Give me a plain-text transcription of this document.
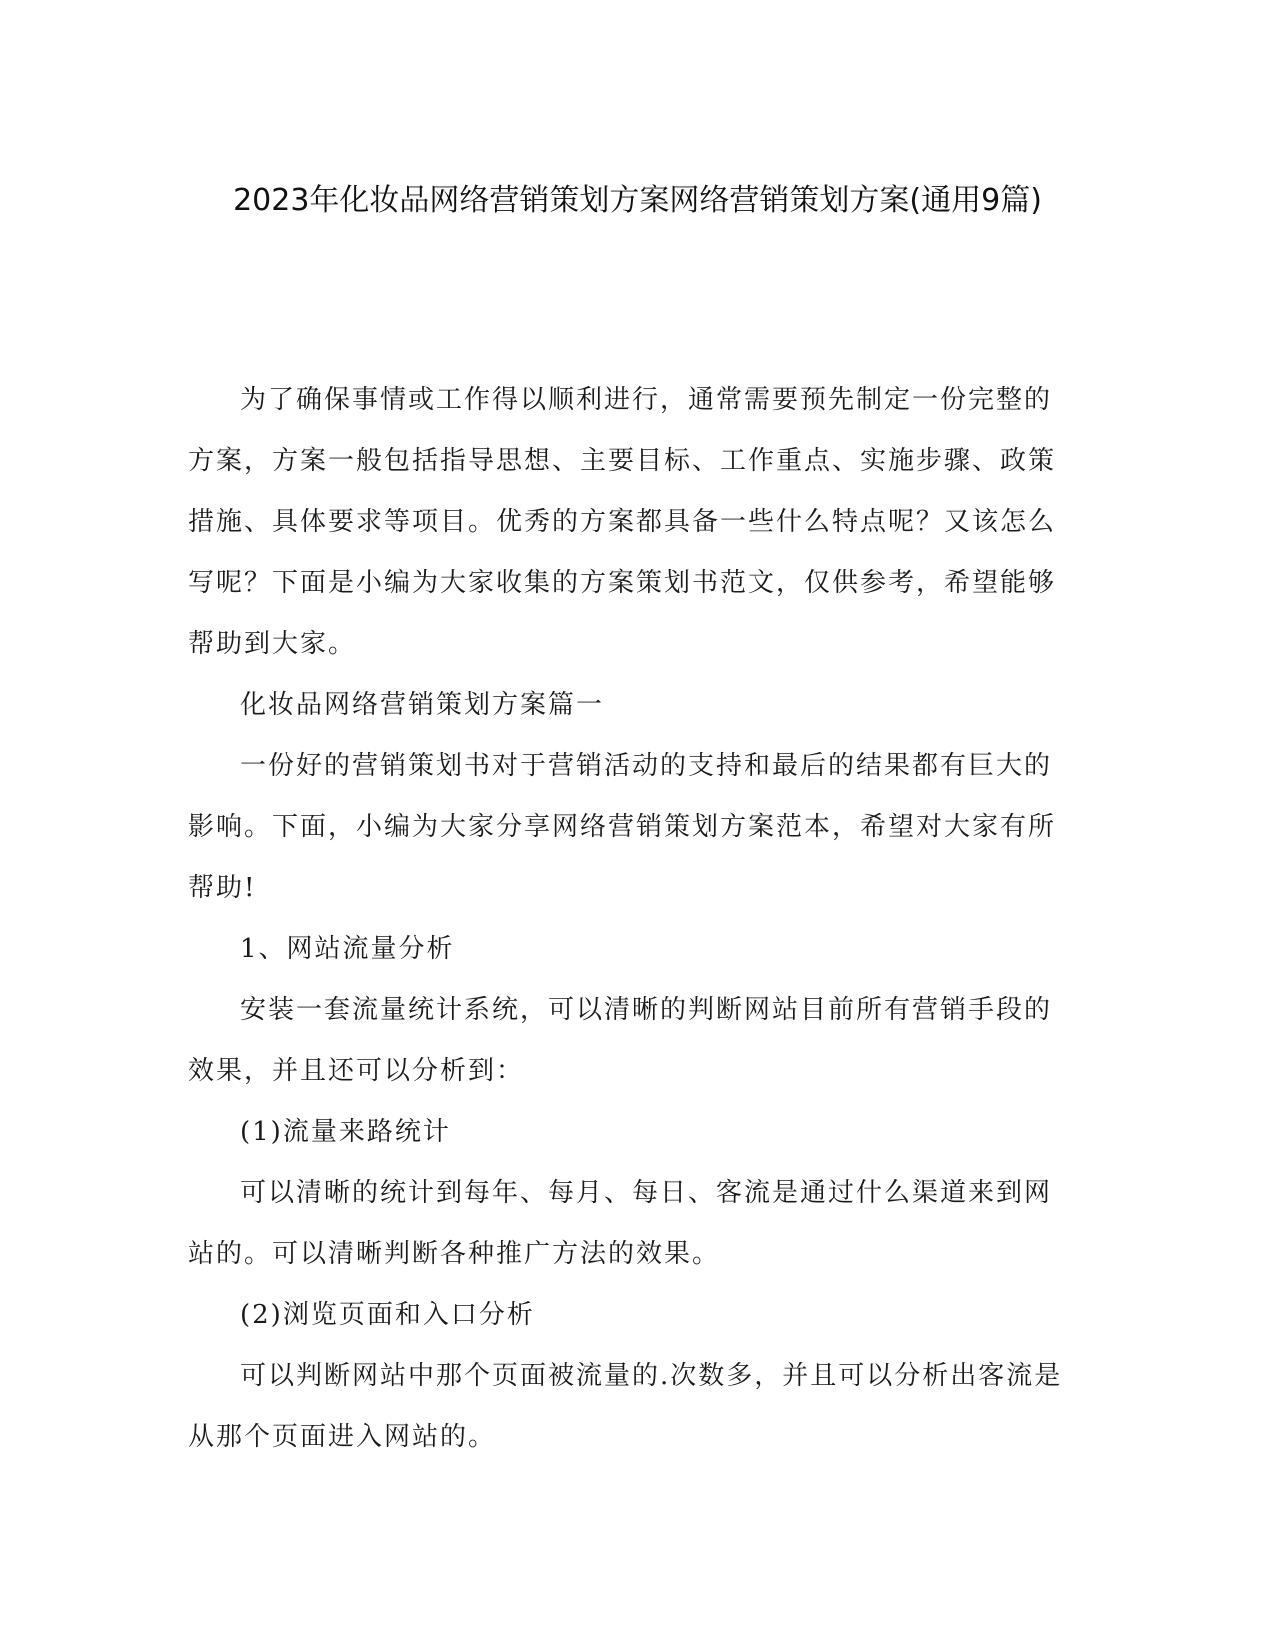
2023年化妆品网络营销策划方案网络营销策划方案(通用9篇)

为了确保事情或工作得以顺利进行，通常需要预先制定一份完整的方案，方案一般包括指导思想、主要目标、工作重点、实施步骤、政策措施、具体要求等项目。优秀的方案都具备一些什么特点呢？又该怎么写呢？下面是小编为大家收集的方案策划书范文，仅供参考，希望能够帮助到大家。

化妆品网络营销策划方案篇一

一份好的营销策划书对于营销活动的支持和最后的结果都有巨大的影响。下面，小编为大家分享网络营销策划方案范本，希望对大家有所帮助!

1、网站流量分析

安装一套流量统计系统，可以清晰的判断网站目前所有营销手段的效果，并且还可以分析到：

(1)流量来路统计

可以清晰的统计到每年、每月、每日、客流是通过什么渠道来到网站的。可以清晰判断各种推广方法的效果。

(2)浏览页面和入口分析

可以判断网站中那个页面被流量的.次数多，并且可以分析出客流是从那个页面进入网站的。
